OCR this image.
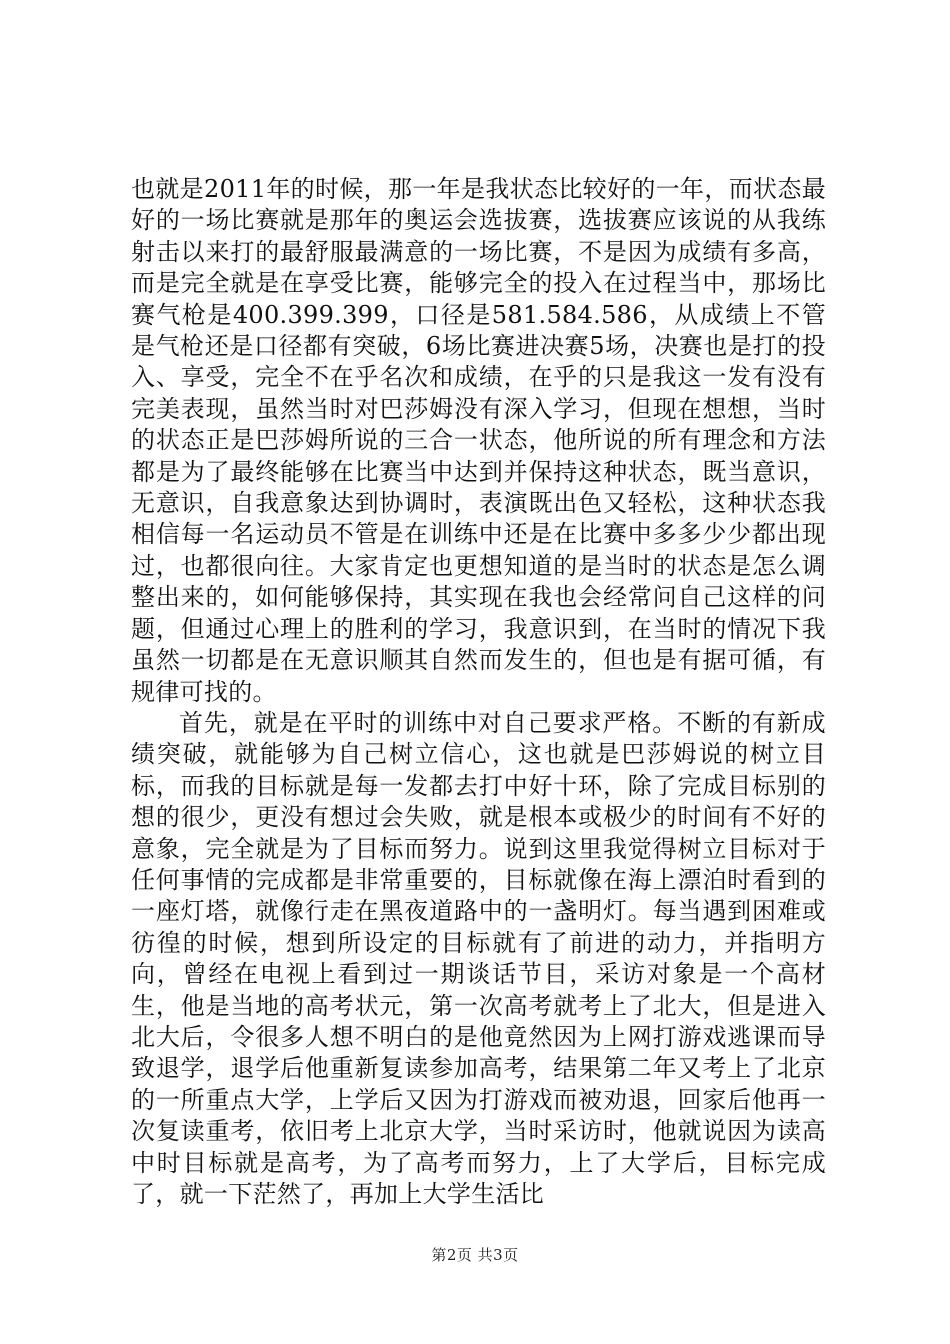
也就是2011年的时候，那一年是我状态比较好的一年，而状态最好的一场比赛就是那年的奥运会选拔赛，选拔赛应该说的从我练射击以来打的最舒服最满意的一场比赛，不是因为成绩有多高，而是完全就是在享受比赛，能够完全的投入在过程当中，那场比赛气枪是400.399.399，口径是581.584.586，从成绩上不管是气枪还是口径都有突破，6场比赛进决赛5场，决赛也是打的投入、享受，完全不在乎名次和成绩，在乎的只是我这一发有没有完美表现，虽然当时对巴莎姆没有深入学习，但现在想想，当时的状态正是巴莎姆所说的三合一状态，他所说的所有理念和方法都是为了最终能够在比赛当中达到并保持这种状态，既当意识，无意识，自我意象达到协调时，表演既出色又轻松，这种状态我相信每一名运动员不管是在训练中还是在比赛中多多少少都出现过，也都很向往。大家肯定也更想知道的是当时的状态是怎么调整出来的，如何能够保持，其实现在我也会经常问自己这样的问题，但通过心理上的胜利的学习，我意识到，在当时的情况下我虽然一切都是在无意识顺其自然而发生的，但也是有据可循，有规律可找的。

首先，就是在平时的训练中对自己要求严格。不断的有新成绩突破，就能够为自己树立信心，这也就是巴莎姆说的树立目标，而我的目标就是每一发都去打中好十环，除了完成目标别的想的很少，更没有想过会失败，就是根本或极少的时间有不好的意象，完全就是为了目标而努力。说到这里我觉得树立目标对于任何事情的完成都是非常重要的，目标就像在海上漂泊时看到的一座灯塔，就像行走在黑夜道路中的一盏明灯。每当遇到困难或彷徨的时候，想到所设定的目标就有了前进的动力，并指明方向，曾经在电视上看到过一期谈话节目，采访对象是一个高材生，他是当地的高考状元，第一次高考就考上了北大，但是进入北大后，令很多人想不明白的是他竟然因为上网打游戏逃课而导致退学，退学后他重新复读参加高考，结果第二年又考上了北京的一所重点大学，上学后又因为打游戏而被劝退，回家后他再一次复读重考，依旧考上北京大学，当时采访时，他就说因为读高中时目标就是高考，为了高考而努力，上了大学后，目标完成了，就一下茫然了，再加上大学生活比

第2页 共3页
